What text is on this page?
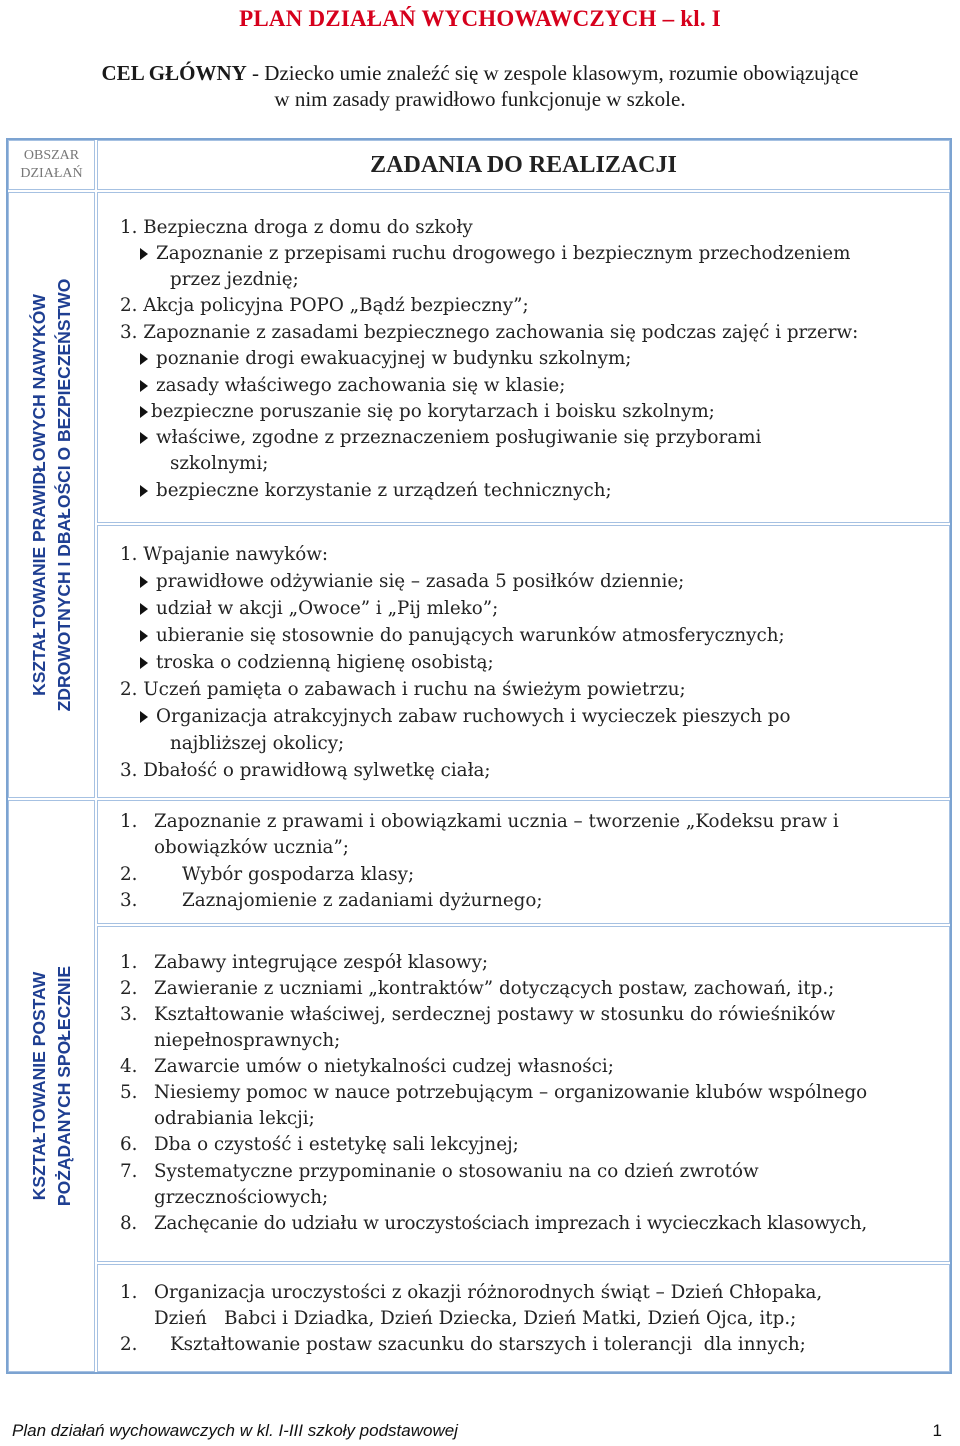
PLAN DZIAŁAŃ WYCHOWAWCZYCH – kl. I
CEL GŁÓWNY - Dziecko umie znaleźć się w zespole klasowym, rozumie obowiązujące
w nim zasady prawidłowo funkcjonuje w szkole.
OBSZAR
DZIAŁAŃ	ZADANIA DO REALIZACJI
KSZTAŁTOWANIE PRAWIDŁOWYCH NAWYKÓW ZDROWOTNYCH I DBAŁOŚCI O BEZPIECZEŃSTWO
KSZTAŁTOWANIE POSTAW POŻĄDANYCH SPOŁECZNIE
1. Bezpieczna droga z domu do szkoły
Zapoznanie z przepisami ruchu drogowego i bezpiecznym przechodzeniem
przez jezdnię;
2. Akcja policyjna POPO „Bądź bezpieczny”;
3. Zapoznanie z zasadami bezpiecznego zachowania się podczas zajęć i przerw:
poznanie drogi ewakuacyjnej w budynku szkolnym;
zasady właściwego zachowania się w klasie;
bezpieczne poruszanie się po korytarzach i boisku szkolnym;
właściwe, zgodne z przeznaczeniem posługiwanie się przyborami
szkolnymi;
bezpieczne korzystanie z urządzeń technicznych;
1. Wpajanie nawyków:
prawidłowe odżywianie się – zasada 5 posiłków dziennie;
udział w akcji „Owoce” i „Pij mleko”;
ubieranie się stosownie do panujących warunków atmosferycznych;
troska o codzienną higienę osobistą;
2. Uczeń pamięta o zabawach i ruchu na świeżym powietrzu;
Organizacja atrakcyjnych zabaw ruchowych i wycieczek pieszych po
najbliższej okolicy;
3. Dbałość o prawidłową sylwetkę ciała;
1. Zapoznanie z prawami i obowiązkami ucznia – tworzenie „Kodeksu praw i
obowiązków ucznia”;
2. Wybór gospodarza klasy;
3. Zaznajomienie z zadaniami dyżurnego;
1. Zabawy integrujące zespół klasowy;
2. Zawieranie z uczniami „kontraktów” dotyczących postaw, zachowań, itp.;
3. Kształtowanie właściwej, serdecznej postawy w stosunku do rówieśników
niepełnosprawnych;
4. Zawarcie umów o nietykalności cudzej własności;
5. Niesiemy pomoc w nauce potrzebującym – organizowanie klubów wspólnego
odrabiania lekcji;
6. Dba o czystość i estetykę sali lekcyjnej;
7. Systematyczne przypominanie o stosowaniu na co dzień zwrotów
grzecznościowych;
8. Zachęcanie do udziału w uroczystościach imprezach i wycieczkach klasowych,
1. Organizacja uroczystości z okazji różnorodnych świąt – Dzień Chłopaka,
Dzień   Babci i Dziadka, Dzień Dziecka, Dzień Matki, Dzień Ojca, itp.;
2. Kształtowanie postaw szacunku do starszych i tolerancji  dla innych;
Plan działań wychowawczych w kl. I-III szkoły podstawowej	1
